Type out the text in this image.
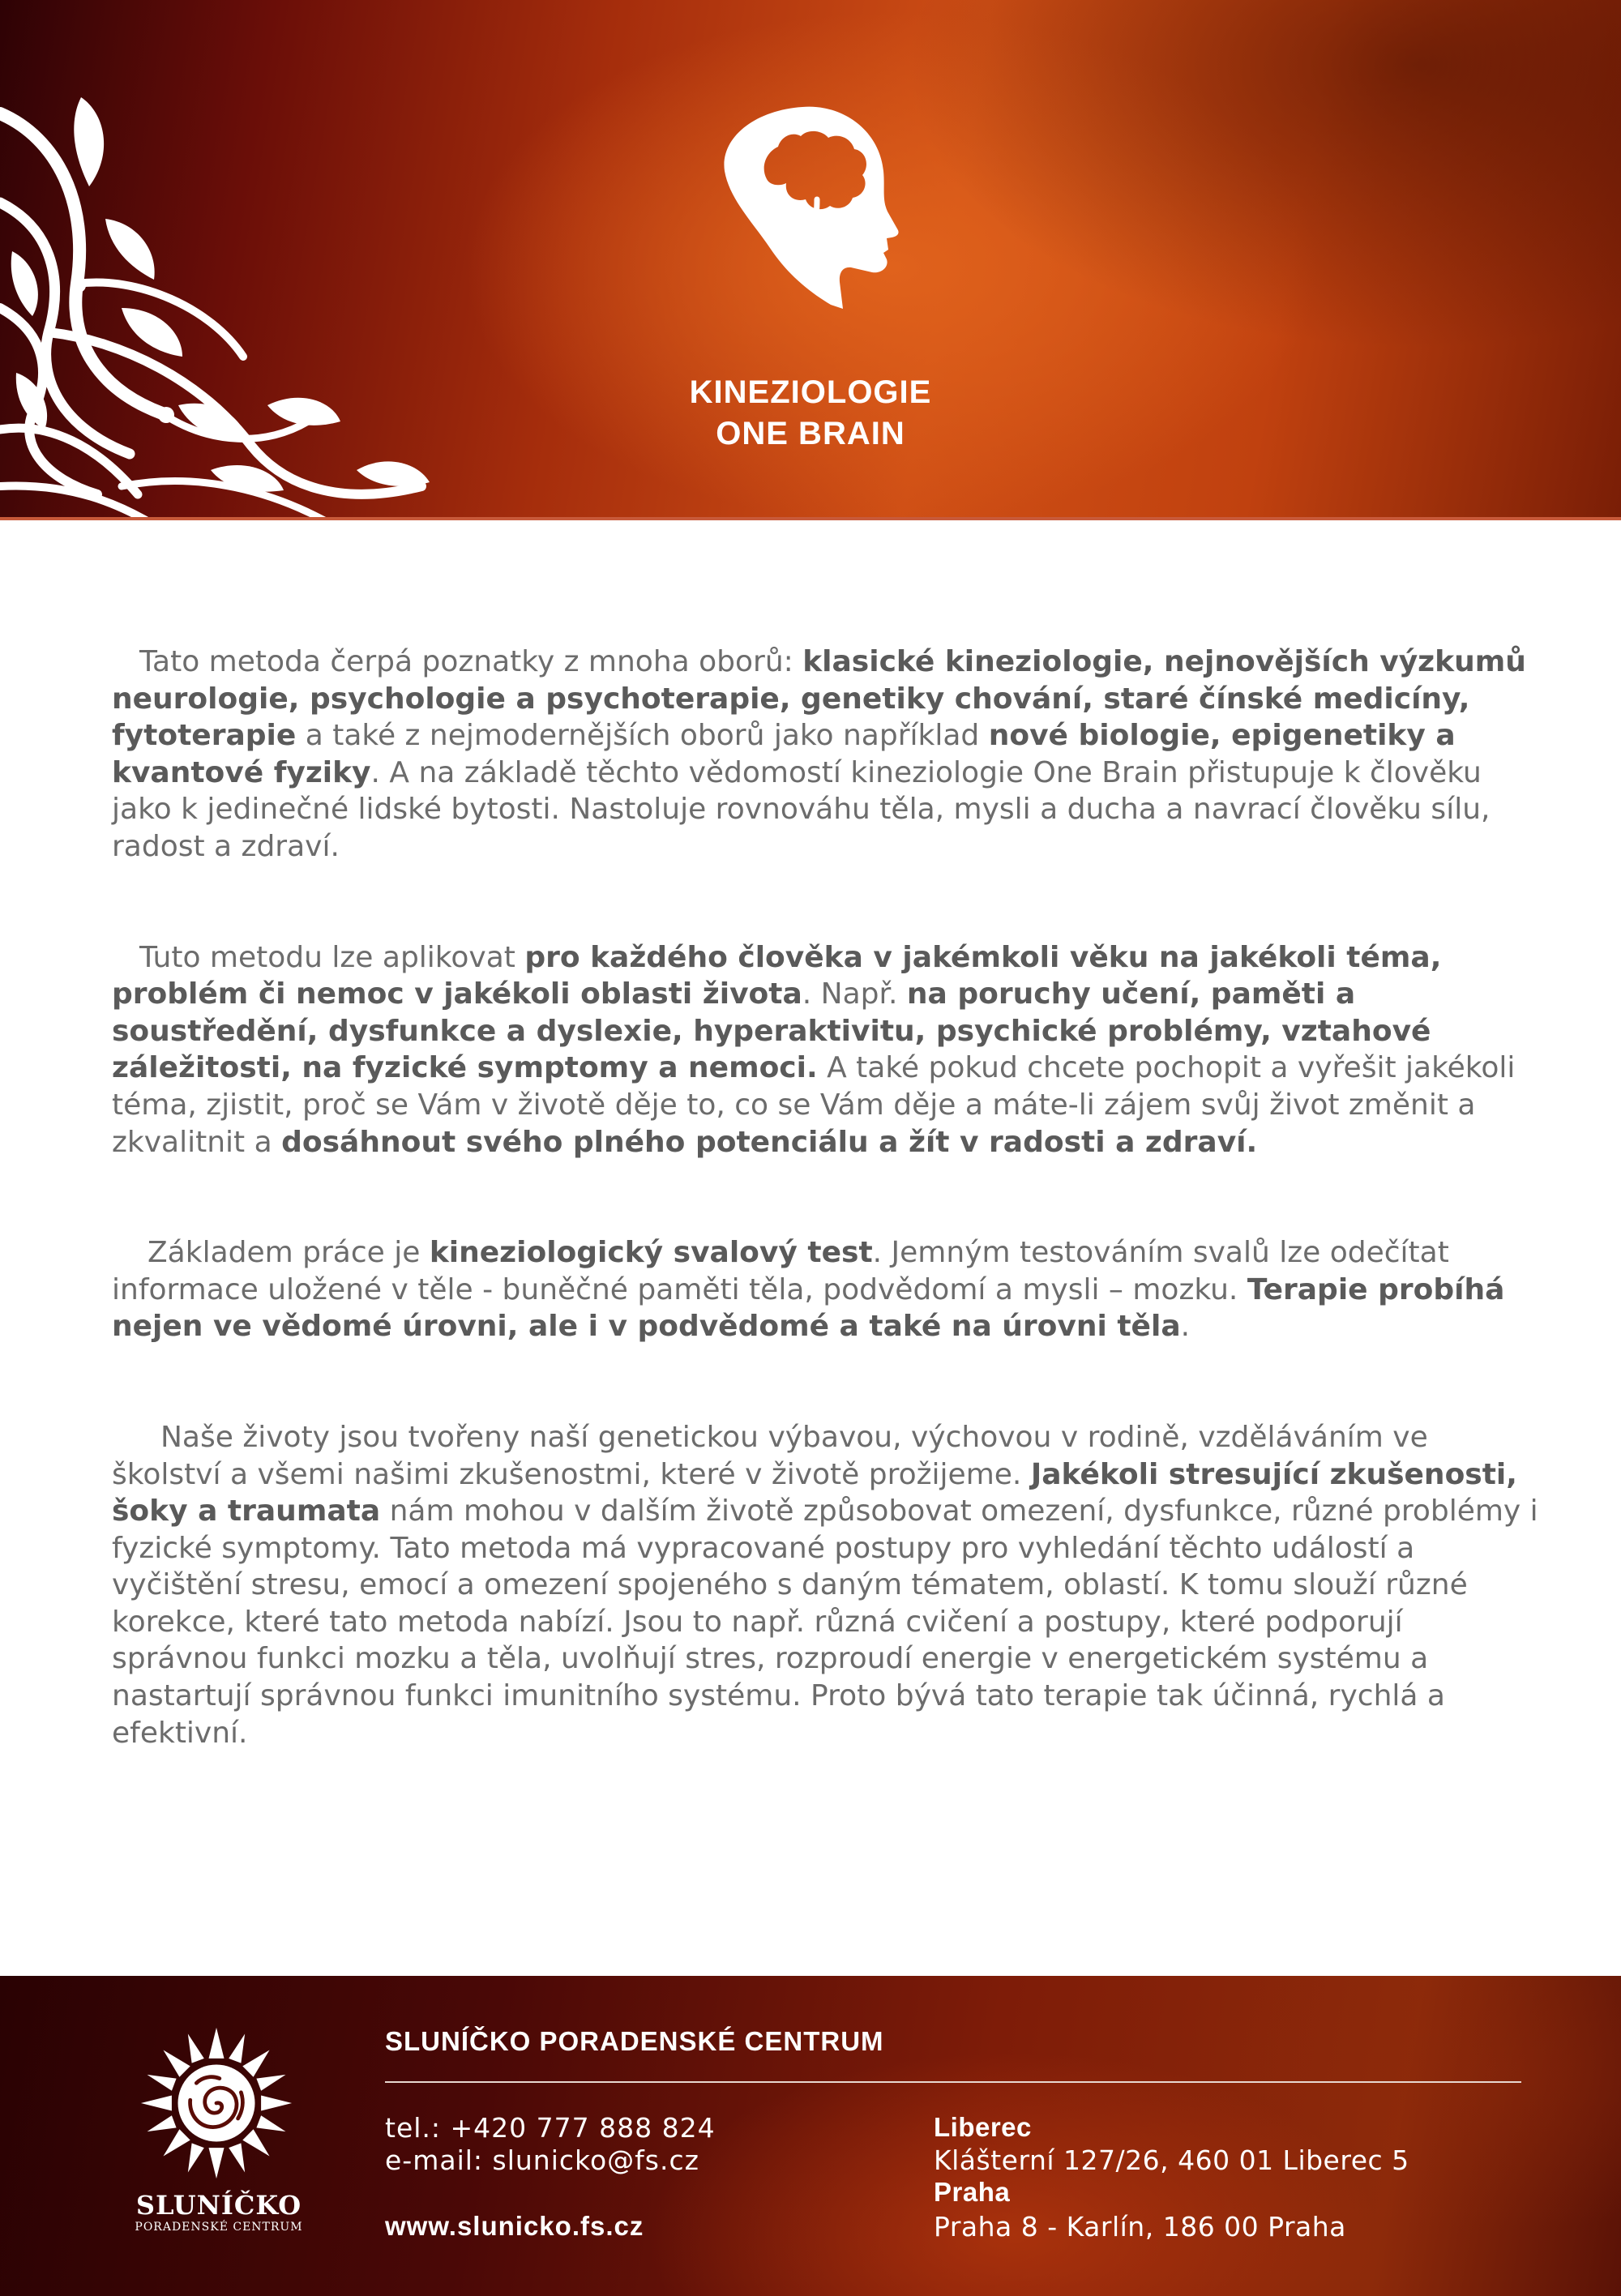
KINEZIOLOGIE
ONE BRAIN

Tato metoda čerpá poznatky z mnoha oborů: klasické kineziologie, nejnovějších výzkumů neurologie, psychologie a psychoterapie, genetiky chování, staré čínské medicíny, fytoterapie a také z nejmodernějších oborů jako například nové biologie, epigenetiky a kvantové fyziky. A na základě těchto vědomostí kineziologie One Brain přistupuje k člověku jako k jedinečné lidské bytosti. Nastoluje rovnováhu těla, mysli a ducha a navrací člověku sílu, radost a zdraví.

Tuto metodu lze aplikovat pro každého člověka v jakémkoli věku na jakékoli téma, problém či nemoc v jakékoli oblasti života. Např. na poruchy učení, paměti a soustředění, dysfunkce a dyslexie, hyperaktivitu, psychické problémy, vztahové záležitosti, na fyzické symptomy a nemoci. A také pokud chcete pochopit a vyřešit jakékoli téma, zjistit, proč se Vám v životě děje to, co se Vám děje a máte-li zájem svůj život změnit a zkvalitnit a dosáhnout svého plného potenciálu a žít v radosti a zdraví.

Základem práce je kineziologický svalový test. Jemným testováním svalů lze odečítat informace uložené v těle - buněčné paměti těla, podvědomí a mysli – mozku. Terapie probíhá nejen ve vědomé úrovni, ale i v podvědomé a také na úrovni těla.

Naše životy jsou tvořeny naší genetickou výbavou, výchovou v rodině, vzděláváním ve školství a všemi našimi zkušenostmi, které v životě prožijeme. Jakékoli stresující zkušenosti, šoky a traumata nám mohou v dalším životě způsobovat omezení, dysfunkce, různé problémy i fyzické symptomy. Tato metoda má vypracované postupy pro vyhledání těchto událostí a vyčištění stresu, emocí a omezení spojeného s daným tématem, oblastí. K tomu slouží různé korekce, které tato metoda nabízí. Jsou to např. různá cvičení a postupy, které podporují správnou funkci mozku a těla, uvolňují stres, rozproudí energie v energetickém systému a nastartují správnou funkci imunitního systému. Proto bývá tato terapie tak účinná, rychlá a efektivní.

SLUNÍČKO
PORADENSKÉ CENTRUM
SLUNÍČKO PORADENSKÉ CENTRUM
tel.: +420 777 888 824
e-mail: slunicko@fs.cz
www.slunicko.fs.cz
Liberec
Klášterní 127/26, 460 01 Liberec 5
Praha
Praha 8 - Karlín, 186 00 Praha
